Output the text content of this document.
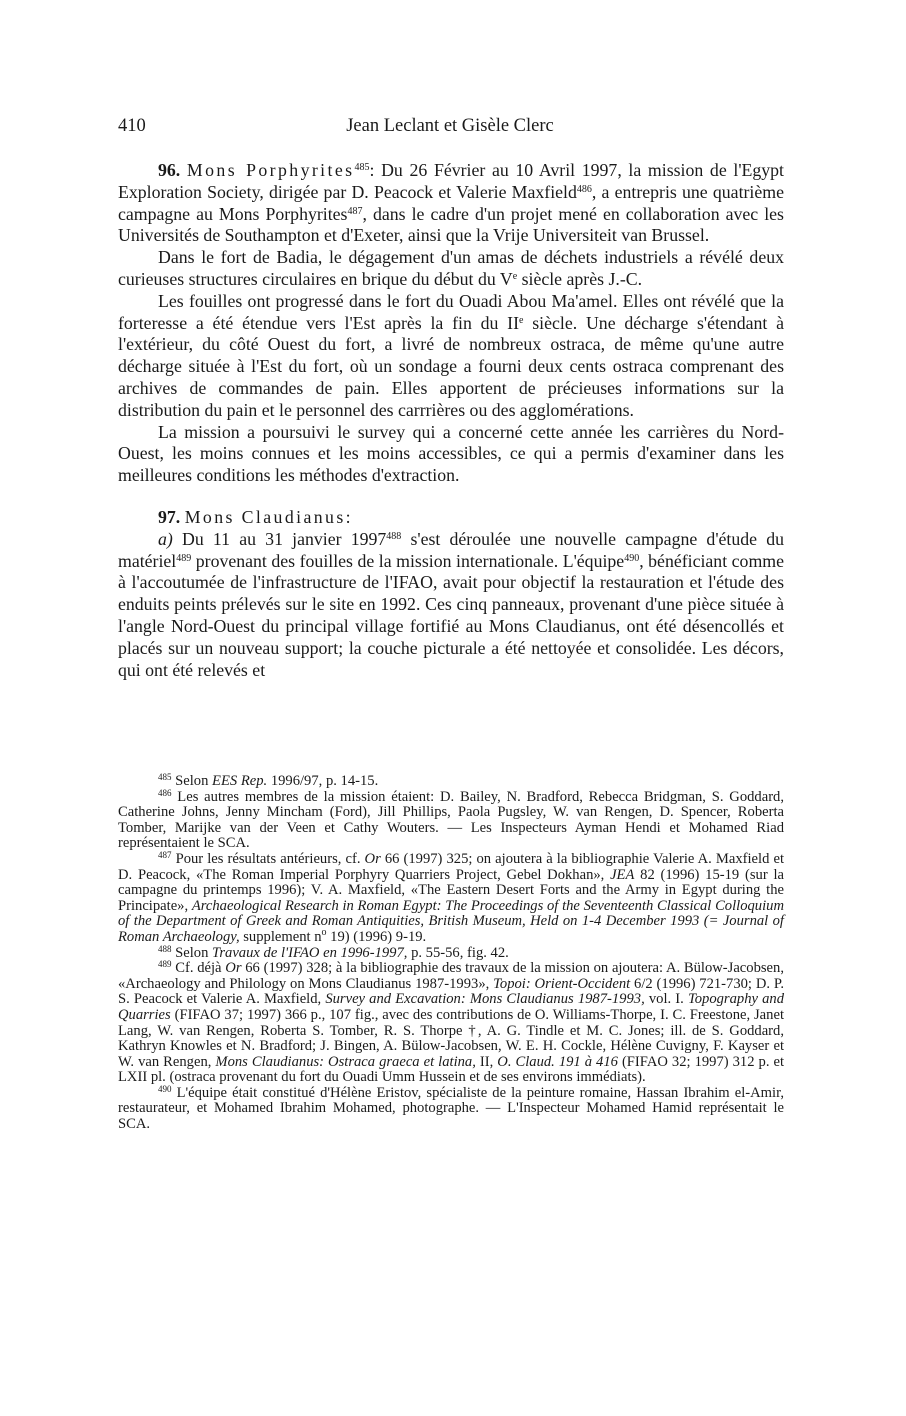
410	Jean Leclant et Gisèle Clerc

96. Mons Porphyrites$^{485}$: Du 26 Février au 10 Avril 1997, la mission de l'Egypt Exploration Society, dirigée par D. Peacock et Valerie Maxfield$^{486}$, a entrepris une quatrième campagne au Mons Porphyrites$^{487}$, dans le cadre d'un projet mené en collaboration avec les Universités de Southampton et d'Exeter, ainsi que la Vrije Universiteit van Brussel.

Dans le fort de Badia, le dégagement d'un amas de déchets industriels a révélé deux curieuses structures circulaires en brique du début du Ve siècle après J.-C.

Les fouilles ont progressé dans le fort du Ouadi Abou Ma'amel. Elles ont révélé que la forteresse a été étendue vers l'Est après la fin du IIe siècle. Une décharge s'étendant à l'extérieur, du côté Ouest du fort, a livré de nombreux ostraca, de même qu'une autre décharge située à l'Est du fort, où un sondage a fourni deux cents ostraca comprenant des archives de commandes de pain. Elles apportent de précieuses informations sur la distribution du pain et le personnel des carrrières ou des agglomérations.

La mission a poursuivi le survey qui a concerné cette année les carrières du Nord-Ouest, les moins connues et les moins accessibles, ce qui a permis d'examiner dans les meilleures conditions les méthodes d'extraction.

97. Mons Claudianus:

a) Du 11 au 31 janvier 1997$^{488}$ s'est déroulée une nouvelle campagne d'étude du matériel$^{489}$ provenant des fouilles de la mission internationale. L'équipe$^{490}$, bénéficiant comme à l'accoutumée de l'infrastructure de l'IFAO, avait pour objectif la restauration et l'étude des enduits peints prélevés sur le site en 1992. Ces cinq panneaux, provenant d'une pièce située à l'angle Nord-Ouest du principal village fortifié au Mons Claudianus, ont été désencollés et placés sur un nouveau support; la couche picturale a été nettoyée et consolidée. Les décors, qui ont été relevés et

$^{485}$ Selon EES Rep. 1996/97, p. 14-15.

$^{486}$ Les autres membres de la mission étaient: D. Bailey, N. Bradford, Rebecca Bridgman, S. Goddard, Catherine Johns, Jenny Mincham (Ford), Jill Phillips, Paola Pugsley, W. van Rengen, D. Spencer, Roberta Tomber, Marijke van der Veen et Cathy Wouters. — Les Inspecteurs Ayman Hendi et Mohamed Riad représentaient le SCA.

$^{487}$ Pour les résultats antérieurs, cf. Or 66 (1997) 325; on ajoutera à la bibliographie Valerie A. Maxfield et D. Peacock, «The Roman Imperial Porphyry Quarriers Project, Gebel Dokhan», JEA 82 (1996) 15-19 (sur la campagne du printemps 1996); V. A. Maxfield, «The Eastern Desert Forts and the Army in Egypt during the Principate», Archaeological Research in Roman Egypt: The Proceedings of the Seventeenth Classical Colloquium of the Department of Greek and Roman Antiquities, British Museum, Held on 1-4 December 1993 (= Journal of Roman Archaeology, supplement $n^o$ 19) (1996) 9-19.

$^{488}$ Selon Travaux de l'IFAO en 1996-1997, p. 55-56, fig. 42.

$^{489}$ Cf. déjà Or 66 (1997) 328; à la bibliographie des travaux de la mission on ajoutera: A. Bülow-Jacobsen, «Archaeology and Philology on Mons Claudianus 1987-1993», Topoi: Orient-Occident 6/2 (1996) 721-730; D. P. S. Peacock et Valerie A. Maxfield, Survey and Excavation: Mons Claudianus 1987-1993, vol. I. Topography and Quarries (FIFAO 37; 1997) 366 p., 107 fig., avec des contributions de O. Williams-Thorpe, I. C. Freestone, Janet Lang, W. van Rengen, Roberta S. Tomber, R. S. Thorpe †, A. G. Tindle et M. C. Jones; ill. de S. Goddard, Kathryn Knowles et N. Bradford; J. Bingen, A. Bülow-Jacobsen, W. E. H. Cockle, Hélène Cuvigny, F. Kayser et W. van Rengen, Mons Claudianus: Ostraca graeca et latina, II, O. Claud. 191 à 416 (FIFAO 32; 1997) 312 p. et LXII pl. (ostraca provenant du fort du Ouadi Umm Hussein et de ses environs immédiats).

$^{490}$ L'équipe était constitué d'Hélène Eristov, spécialiste de la peinture romaine, Hassan Ibrahim el-Amir, restaurateur, et Mohamed Ibrahim Mohamed, photographe. — L'Inspecteur Mohamed Hamid représentait le SCA.
